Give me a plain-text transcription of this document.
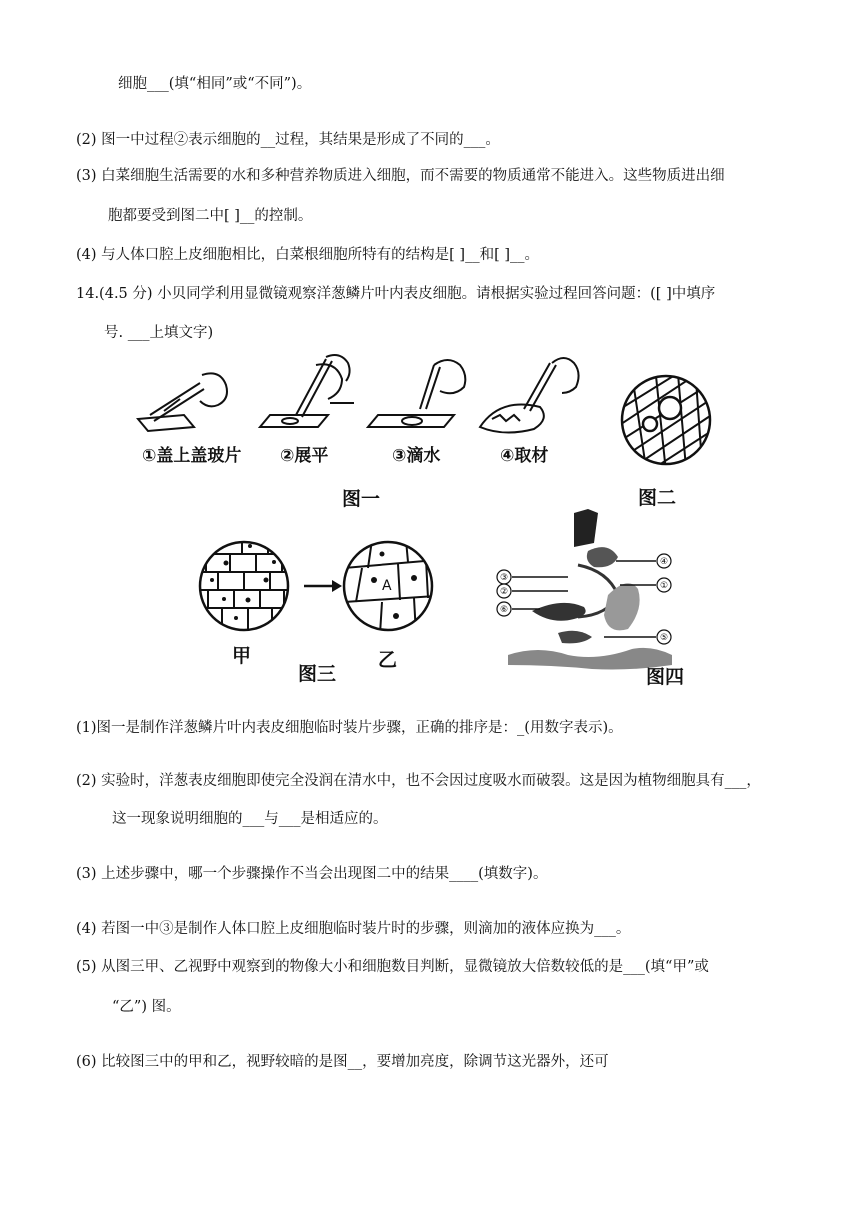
细胞___(填“相同”或“不同”)。
(2) 图一中过程②表示细胞的__过程，其结果是形成了不同的___。
(3) 白菜细胞生活需要的水和多种营养物质进入细胞，而不需要的物质通常不能进入。这些物质进出细
胞都要受到图二中[ ]__的控制。
(4) 与人体口腔上皮细胞相比，白菜根细胞所特有的结构是[ ]__和[ ]__。
14.(4.5 分) 小贝同学利用显微镜观察洋葱鳞片叶内表皮细胞。请根据实验过程回答问题：([ ]中填序
号. ___上填文字)
①盖上盖玻片 ②展平	③滴水	④取材
图一	图二
A
甲
图三
乙
④
①
③
②
⑥
⑤
图四
(1)图一是制作洋葱鳞片叶内表皮细胞临时装片步骤，正确的排序是：_(用数字表示)。
(2) 实验时，洋葱表皮细胞即使完全没润在清水中，也不会因过度吸水而破裂。这是因为植物细胞具有___，
这一现象说明细胞的___与___是相适应的。
(3) 上述步骤中，哪一个步骤操作不当会出现图二中的结果____(填数字)。
(4) 若图一中③是制作人体口腔上皮细胞临时装片时的步骤，则滴加的液体应换为___。
(5) 从图三甲、乙视野中观察到的物像大小和细胞数目判断，显微镜放大倍数较低的是___(填“甲”或
“乙”) 图。
(6) 比较图三中的甲和乙，视野较暗的是图__，要增加亮度，除调节这光器外，还可
